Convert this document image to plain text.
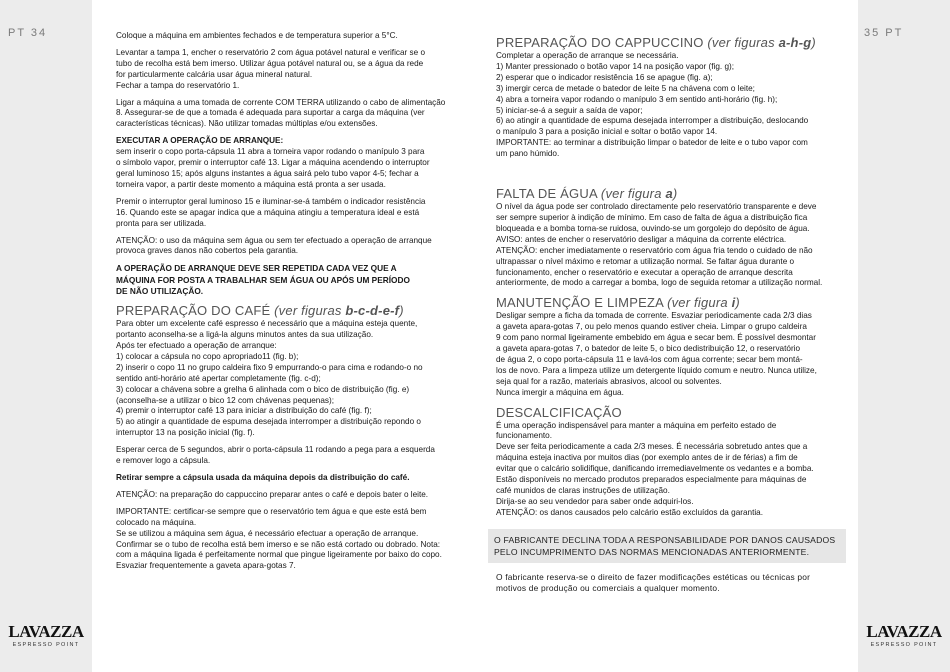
PT 34
LAVAZZA
ESPRESSO POINT
35 PT
LAVAZZA
ESPRESSO POINT

Coloque a máquina em ambientes fechados e de temperatura superior a 5°C.

Levantar a tampa 1, encher o reservatório 2 com água potável natural e verificar se o

tubo de recolha está bem imerso. Utilizar água potável natural ou, se a água da rede

for particularmente calcária usar água mineral natural.

Fechar a tampa do reservatório 1.

Ligar a máquina a uma tomada de corrente COM TERRA utilizando o cabo de alimentação

8. Assegurar-se de que a tomada é adequada para suportar a carga da máquina (ver

características técnicas). Não utilizar tomadas múltiplas e/ou extensões.

EXECUTAR A OPERAÇÃO DE ARRANQUE:

sem inserir o copo porta-cápsula 11 abra a torneira vapor rodando o manípulo 3 para

o símbolo vapor, premir o interruptor café 13. Ligar a máquina acendendo o interruptor

geral luminoso 15; após alguns instantes a água sairá pelo tubo vapor 4-5; fechar a

torneira vapor, a partir deste momento a máquina está pronta a ser usada.

Premir o interruptor geral luminoso 15 e iluminar-se-á também o indicador resistência

16. Quando este se apagar indica que a máquina atingiu a temperatura ideal e está

pronta para ser utilizada.

ATENÇÃO: o uso da máquina sem água ou sem ter efectuado a operação de arranque

provoca graves danos não cobertos pela garantia.

A OPERAÇÃO DE ARRANQUE DEVE SER REPETIDA CADA VEZ QUE A

MÁQUINA FOR POSTA A TRABALHAR SEM ÁGUA OU APÓS UM PERÍODO

DE NÃO UTILIZAÇÃO.

PREPARAÇÃO DO CAFÉ (ver figuras b-c-d-e-f)

Para obter um excelente café espresso é necessário que a máquina esteja quente,

portanto aconselha-se a ligá-la alguns minutos antes da sua utilização.

Após ter efectuado a operação de arranque:

1) colocar a cápsula no copo apropriado11 (fig. b);

2) inserir o copo 11 no grupo caldeira fixo 9 empurrando-o para cima e rodando-o no

sentido anti-horário até apertar completamente (fig. c-d);

3) colocar a chávena sobre a grelha 6 alinhada com o bico de distribuição (fig. e)

(aconselha-se a utilizar o bico 12 com chávenas pequenas);

4) premir o interruptor café 13 para iniciar a distribuição do café (fig. f);

5) ao atingir a quantidade de espuma desejada interromper a distribuição repondo o

interruptor 13 na posição inicial (fig. f).

Esperar cerca de 5 segundos, abrir o porta-cápsula 11 rodando a pega para a esquerda

e remover logo a cápsula.

Retirar sempre a cápsula usada da máquina depois da distribuição do café.

ATENÇÃO: na preparação do cappuccino preparar antes o café e depois bater o leite.

IMPORTANTE: certificar-se sempre que o reservatório tem água e que este está bem

colocado na máquina.

Se se utilizou a máquina sem água, é necessário efectuar a operação de arranque.

Confirmar se o tubo de recolha está bem imerso e se não está cortado ou dobrado. Nota:

com a máquina ligada é perfeitamente normal que pingue ligeiramente por baixo do copo.

Esvaziar frequentemente a gaveta apara-gotas 7.

PREPARAÇÃO DO CAPPUCCINO (ver figuras a-h-g)

Completar a operação de arranque se necessária.

1) Manter pressionado o botão vapor 14 na posição vapor (fig. g);

2) esperar que o indicador resistência 16 se apague (fig. a);

3) imergir cerca de metade o batedor de leite 5 na chávena com o leite;

4) abra a torneira vapor rodando o manípulo 3 em sentido anti-horário (fig. h);

5) iniciar-se-á a seguir a saída de vapor;

6) ao atingir a quantidade de espuma desejada interromper a distribuição, deslocando

o manípulo 3 para a posição inicial e soltar o botão vapor 14.

IMPORTANTE: ao terminar a distribuição limpar o batedor de leite e o tubo vapor com

um pano húmido.

FALTA DE ÁGUA (ver figura a)

O nível da água pode ser controlado directamente pelo reservatório transparente e deve

ser sempre superior à indição de mínimo. Em caso de falta de água a distribuição fica

bloqueada e a bomba torna-se ruidosa, ouvindo-se um gorgolejo do depósito de água.

AVISO: antes de encher o reservatório desligar a máquina da corrente eléctrica.

ATENÇÃO: encher imediatamente o reservatório com água fria tendo o cuidado de não

ultrapassar o nível máximo e retomar a utilização normal. Se faltar água durante o

funcionamento, encher o reservatório e executar a operação de arranque descrita

anteriormente, de modo a carregar a bomba, logo de seguida retomar a utilização normal.

MANUTENÇÃO E LIMPEZA (ver figura i)

Desligar sempre a ficha da tomada de corrente. Esvaziar periodicamente cada 2/3 dias

a gaveta apara-gotas 7, ou pelo menos quando estiver cheia. Limpar o grupo caldeira

9 com pano normal ligeiramente embebido em água e secar bem. É possível desmontar

a gaveta apara-gotas 7, o batedor de leite 5, o bico dedistribuição 12, o reservatório

de água 2, o copo porta-cápsula 11 e lavá-los com água corrente; secar bem montá-

los de novo. Para a limpeza utilize um detergente líquido comum e neutro. Nunca utilize,

seja qual for a razão, materiais abrasivos, alcool ou solventes.

Nunca imergir a máquina em água.

DESCALCIFICAÇÃO

É uma operação indispensável para manter a máquina em perfeito estado de

funcionamento.

Deve ser feita periodicamente a cada 2/3 meses. É necessária sobretudo antes que a

máquina esteja inactiva por muitos dias (por exemplo antes de ir de férias) a fim de

evitar que o calcário solidifique, danificando irremediavelmente os vedantes e a bomba.

Estão disponíveis no mercado produtos preparados especialmente para máquinas de

café munidos de claras instruções de utilização.

Dirija-se ao seu vendedor para saber onde adquiri-los.

ATENÇÃO: os danos causados pelo calcário estão excluídos da garantia.

O FABRICANTE DECLINA TODA A RESPONSABILIDADE POR DANOS CAUSADOS

PELO INCUMPRIMENTO DAS NORMAS MENCIONADAS ANTERIORMENTE.

O fabricante reserva-se o direito de fazer modificações estéticas ou técnicas por

motivos de produção ou comerciais a qualquer momento.
